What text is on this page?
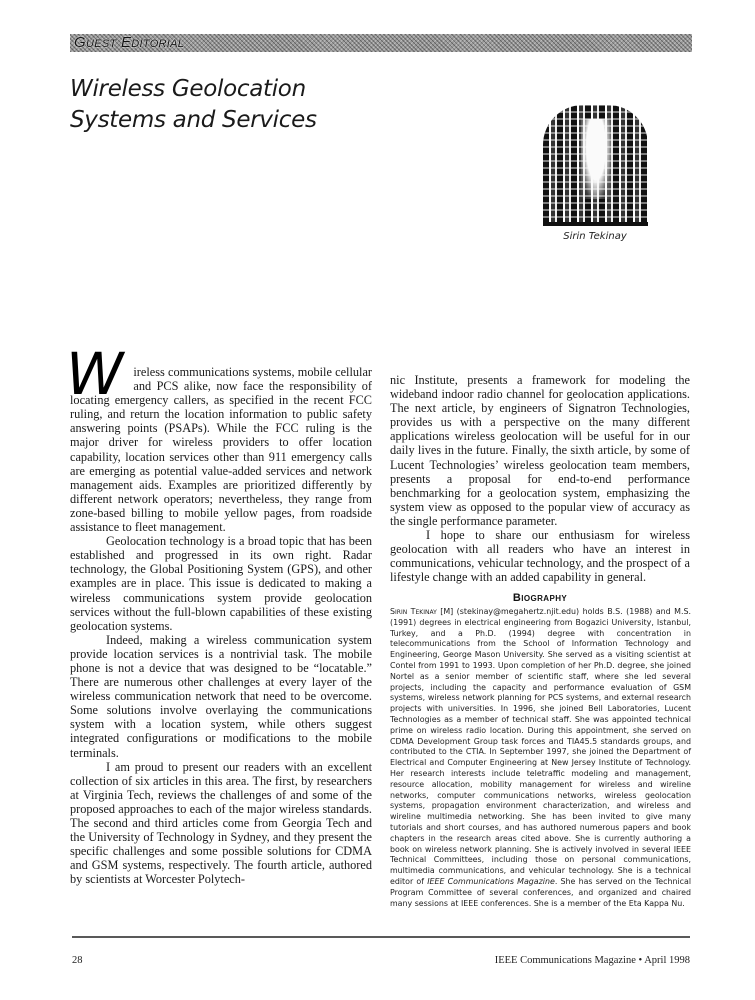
Guest Editorial
Wireless Geolocation
Systems and Services
Sirin Tekinay

Wireless communications systems, mobile cellular and PCS alike, now face the responsibility of locating emergency callers, as specified in the recent FCC ruling, and return the location information to public safety answering points (PSAPs). While the FCC ruling is the major driver for wireless providers to offer location capability, location services other than 911 emergency calls are emerging as potential value-added services and network management aids. Examples are prioritized differently by different network operators; nevertheless, they range from zone-based billing to mobile yellow pages, from roadside assistance to fleet management.

Geolocation technology is a broad topic that has been established and progressed in its own right. Radar technology, the Global Positioning System (GPS), and other examples are in place. This issue is dedicated to making a wireless communications system provide geolocation services without the full-blown capabilities of these existing geolocation systems.

Indeed, making a wireless communication system provide location services is a nontrivial task. The mobile phone is not a device that was designed to be “locatable.” There are numerous other challenges at every layer of the wireless communication network that need to be overcome. Some solutions involve overlaying the communications system with a location system, while others suggest integrated configurations or modifications to the mobile terminals.

I am proud to present our readers with an excellent collection of six articles in this area. The first, by researchers at Virginia Tech, reviews the challenges of and some of the proposed approaches to each of the major wireless standards. The second and third articles come from Georgia Tech and the University of Technology in Sydney, and they present the specific challenges and some possible solutions for CDMA and GSM systems, respectively. The fourth article, authored by scientists at Worcester Polytech-

nic Institute, presents a framework for modeling the wideband indoor radio channel for geolocation applications. The next article, by engineers of Signatron Technologies, provides us with a perspective on the many different applications wireless geolocation will be useful for in our daily lives in the future. Finally, the sixth article, by some of Lucent Technologies’ wireless geolocation team members, presents a proposal for end-to-end performance benchmarking for a geolocation system, emphasizing the system view as opposed to the popular view of accuracy as the single performance parameter.

I hope to share our enthusiasm for wireless geolocation with all readers who have an interest in communications, vehicular technology, and the prospect of a lifestyle change with an added capability in general.

Biography
Sirin Tekinay [M] (stekinay@megahertz.njit.edu) holds B.S. (1988) and M.S. (1991) degrees in electrical engineering from Bogazici University, Istanbul, Turkey, and a Ph.D. (1994) degree with concentration in telecommunications from the School of Information Technology and Engineering, George Mason University. She served as a visiting scientist at Contel from 1991 to 1993. Upon completion of her Ph.D. degree, she joined Nortel as a senior member of scientific staff, where she led several projects, including the capacity and performance evaluation of GSM systems, wireless network planning for PCS systems, and external research projects with universities. In 1996, she joined Bell Laboratories, Lucent Technologies as a member of technical staff. She was appointed technical prime on wireless radio location. During this appointment, she served on CDMA Development Group task forces and TIA45.5 standards groups, and contributed to the CTIA. In September 1997, she joined the Department of Electrical and Computer Engineering at New Jersey Institute of Technology. Her research interests include teletraffic modeling and management, resource allocation, mobility management for wireless and wireline networks, computer communications networks, wireless geolocation systems, propagation environment characterization, and wireless and wireline multimedia networking. She has been invited to give many tutorials and short courses, and has authored numerous papers and book chapters in the research areas cited above. She is currently authoring a book on wireless network planning. She is actively involved in several IEEE Technical Committees, including those on personal communications, multimedia communications, and vehicular technology. She is a technical editor of IEEE Communications Magazine. She has served on the Technical Program Committee of several conferences, and organized and chaired many sessions at IEEE conferences. She is a member of the Eta Kappa Nu.
28	IEEE Communications Magazine • April 1998
